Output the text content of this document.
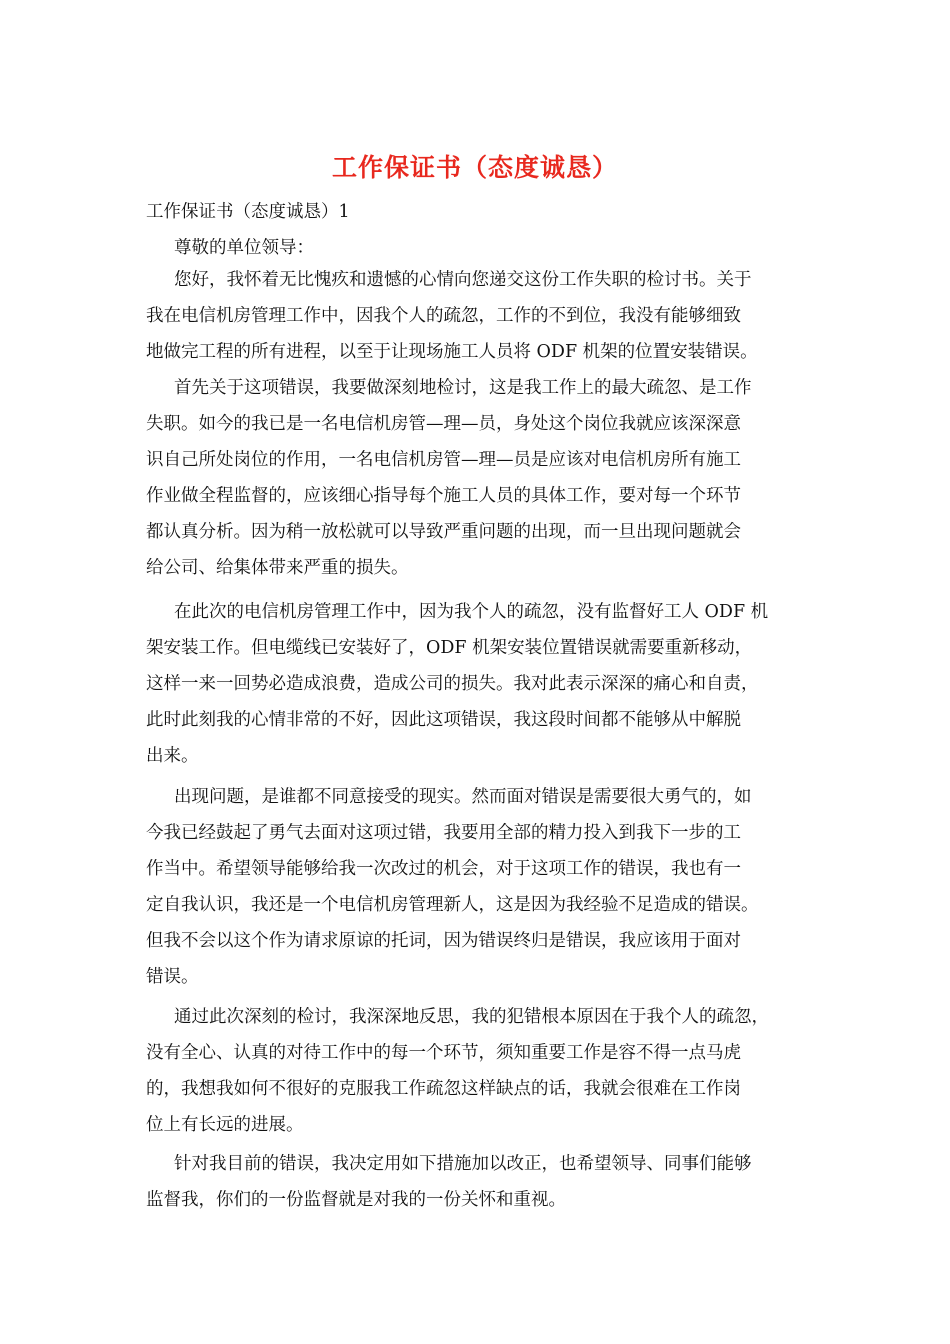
工作保证书（态度诚恳）
工作保证书（态度诚恳）1
尊敬的单位领导：
您好，我怀着无比愧疚和遗憾的心情向您递交这份工作失职的检讨书。关于
我在电信机房管理工作中，因我个人的疏忽，工作的不到位，我没有能够细致
地做完工程的所有进程，以至于让现场施工人员将 ODF 机架的位置安装错误。
首先关于这项错误，我要做深刻地检讨，这是我工作上的最大疏忽、是工作
失职。如今的我已是一名电信机房管—理—员，身处这个岗位我就应该深深意
识自己所处岗位的作用，一名电信机房管—理—员是应该对电信机房所有施工
作业做全程监督的，应该细心指导每个施工人员的具体工作，要对每一个环节
都认真分析。因为稍一放松就可以导致严重问题的出现，而一旦出现问题就会
给公司、给集体带来严重的损失。
在此次的电信机房管理工作中，因为我个人的疏忽，没有监督好工人 ODF 机
架安装工作。但电缆线已安装好了，ODF 机架安装位置错误就需要重新移动，
这样一来一回势必造成浪费，造成公司的损失。我对此表示深深的痛心和自责，
此时此刻我的心情非常的不好，因此这项错误，我这段时间都不能够从中解脱
出来。
出现问题，是谁都不同意接受的现实。然而面对错误是需要很大勇气的，如
今我已经鼓起了勇气去面对这项过错，我要用全部的精力投入到我下一步的工
作当中。希望领导能够给我一次改过的机会，对于这项工作的错误，我也有一
定自我认识，我还是一个电信机房管理新人，这是因为我经验不足造成的错误。
但我不会以这个作为请求原谅的托词，因为错误终归是错误，我应该用于面对
错误。
通过此次深刻的检讨，我深深地反思，我的犯错根本原因在于我个人的疏忽，
没有全心、认真的对待工作中的每一个环节，须知重要工作是容不得一点马虎
的，我想我如何不很好的克服我工作疏忽这样缺点的话，我就会很难在工作岗
位上有长远的进展。
针对我目前的错误，我决定用如下措施加以改正，也希望领导、同事们能够
监督我，你们的一份监督就是对我的一份关怀和重视。
